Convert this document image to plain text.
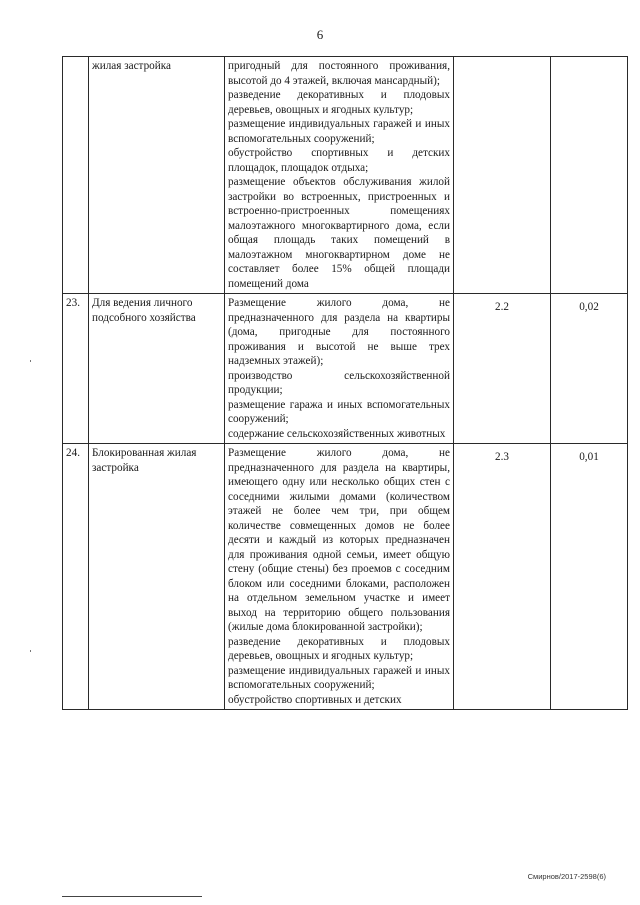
6
	жилая застройка	пригодный для постоянного проживания, высотой до 4 этажей, включая мансардный);
разведение декоративных и плодовых деревьев, овощных и ягодных культур;
размещение индивидуальных гаражей и иных вспомогательных сооружений;
обустройство спортивных и детских площадок, площадок отдыха;
размещение объектов обслуживания жилой застройки во встроенных, пристроенных и встроенно-пристроенных помещениях малоэтажного многоквартирного дома, если общая площадь таких помещений в малоэтажном многоквартирном доме не составляет более 15% общей площади помещений дома		

23.	Для ведения личного подсобного хозяйства	Размещение жилого дома, не предназначенного для раздела на квартиры (дома, пригодные для постоянного проживания и высотой не выше трех надземных этажей);
производство сельскохозяйственной продукции;
размещение гаража и иных вспомогательных сооружений;
содержание сельскохозяйственных животных	2.2	0,02

24.	Блокированная жилая застройка	Размещение жилого дома, не предназначенного для раздела на квартиры, имеющего одну или несколько общих стен с соседними жилыми домами (количеством этажей не более чем три, при общем количестве совмещенных домов не более десяти и каждый из которых предназначен для проживания одной семьи, имеет общую стену (общие стены) без проемов с соседним блоком или соседними блоками, расположен на отдельном земельном участке и имеет выход на территорию общего пользования (жилые дома блокированной застройки);
разведение декоративных и плодовых деревьев, овощных и ягодных культур;
размещение индивидуальных гаражей и иных вспомогательных сооружений;
обустройство спортивных и детских	2.3	0,01
Смирнов/2017-2598(6)
